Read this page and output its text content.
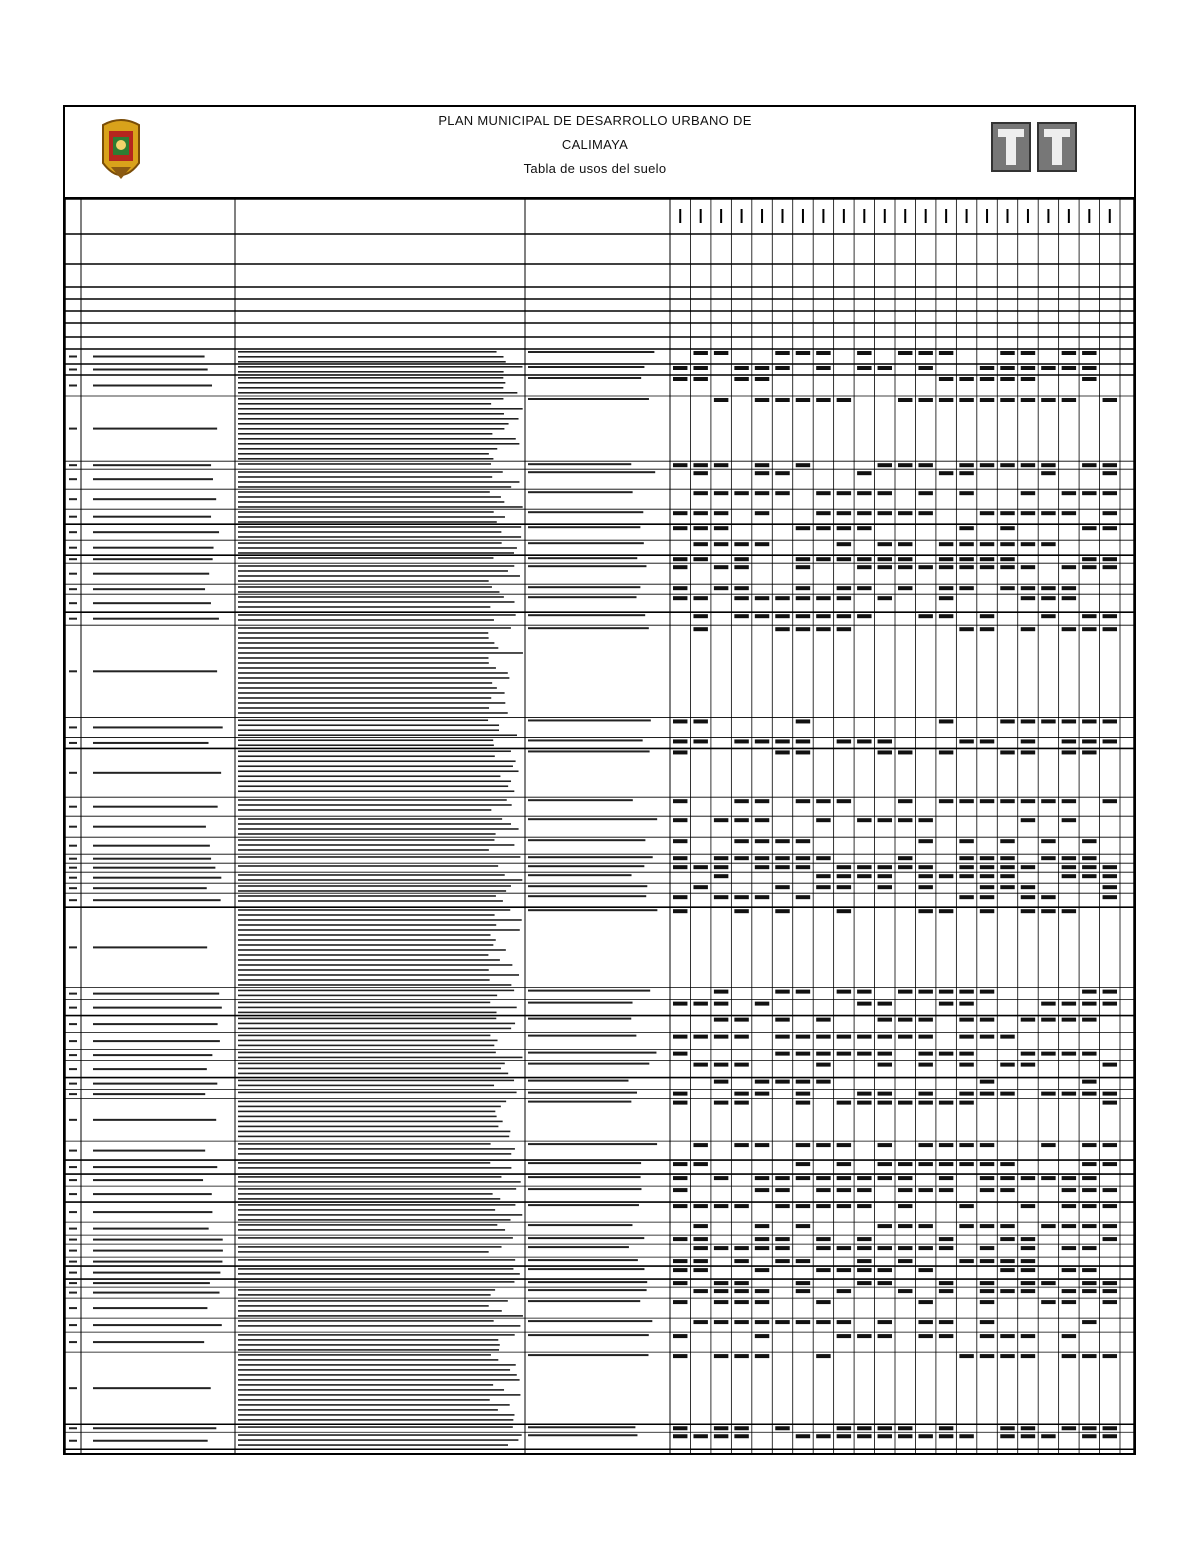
PLAN MUNICIPAL DE DESARROLLO URBANO DE
CALIMAYA
Tabla de usos del suelo
